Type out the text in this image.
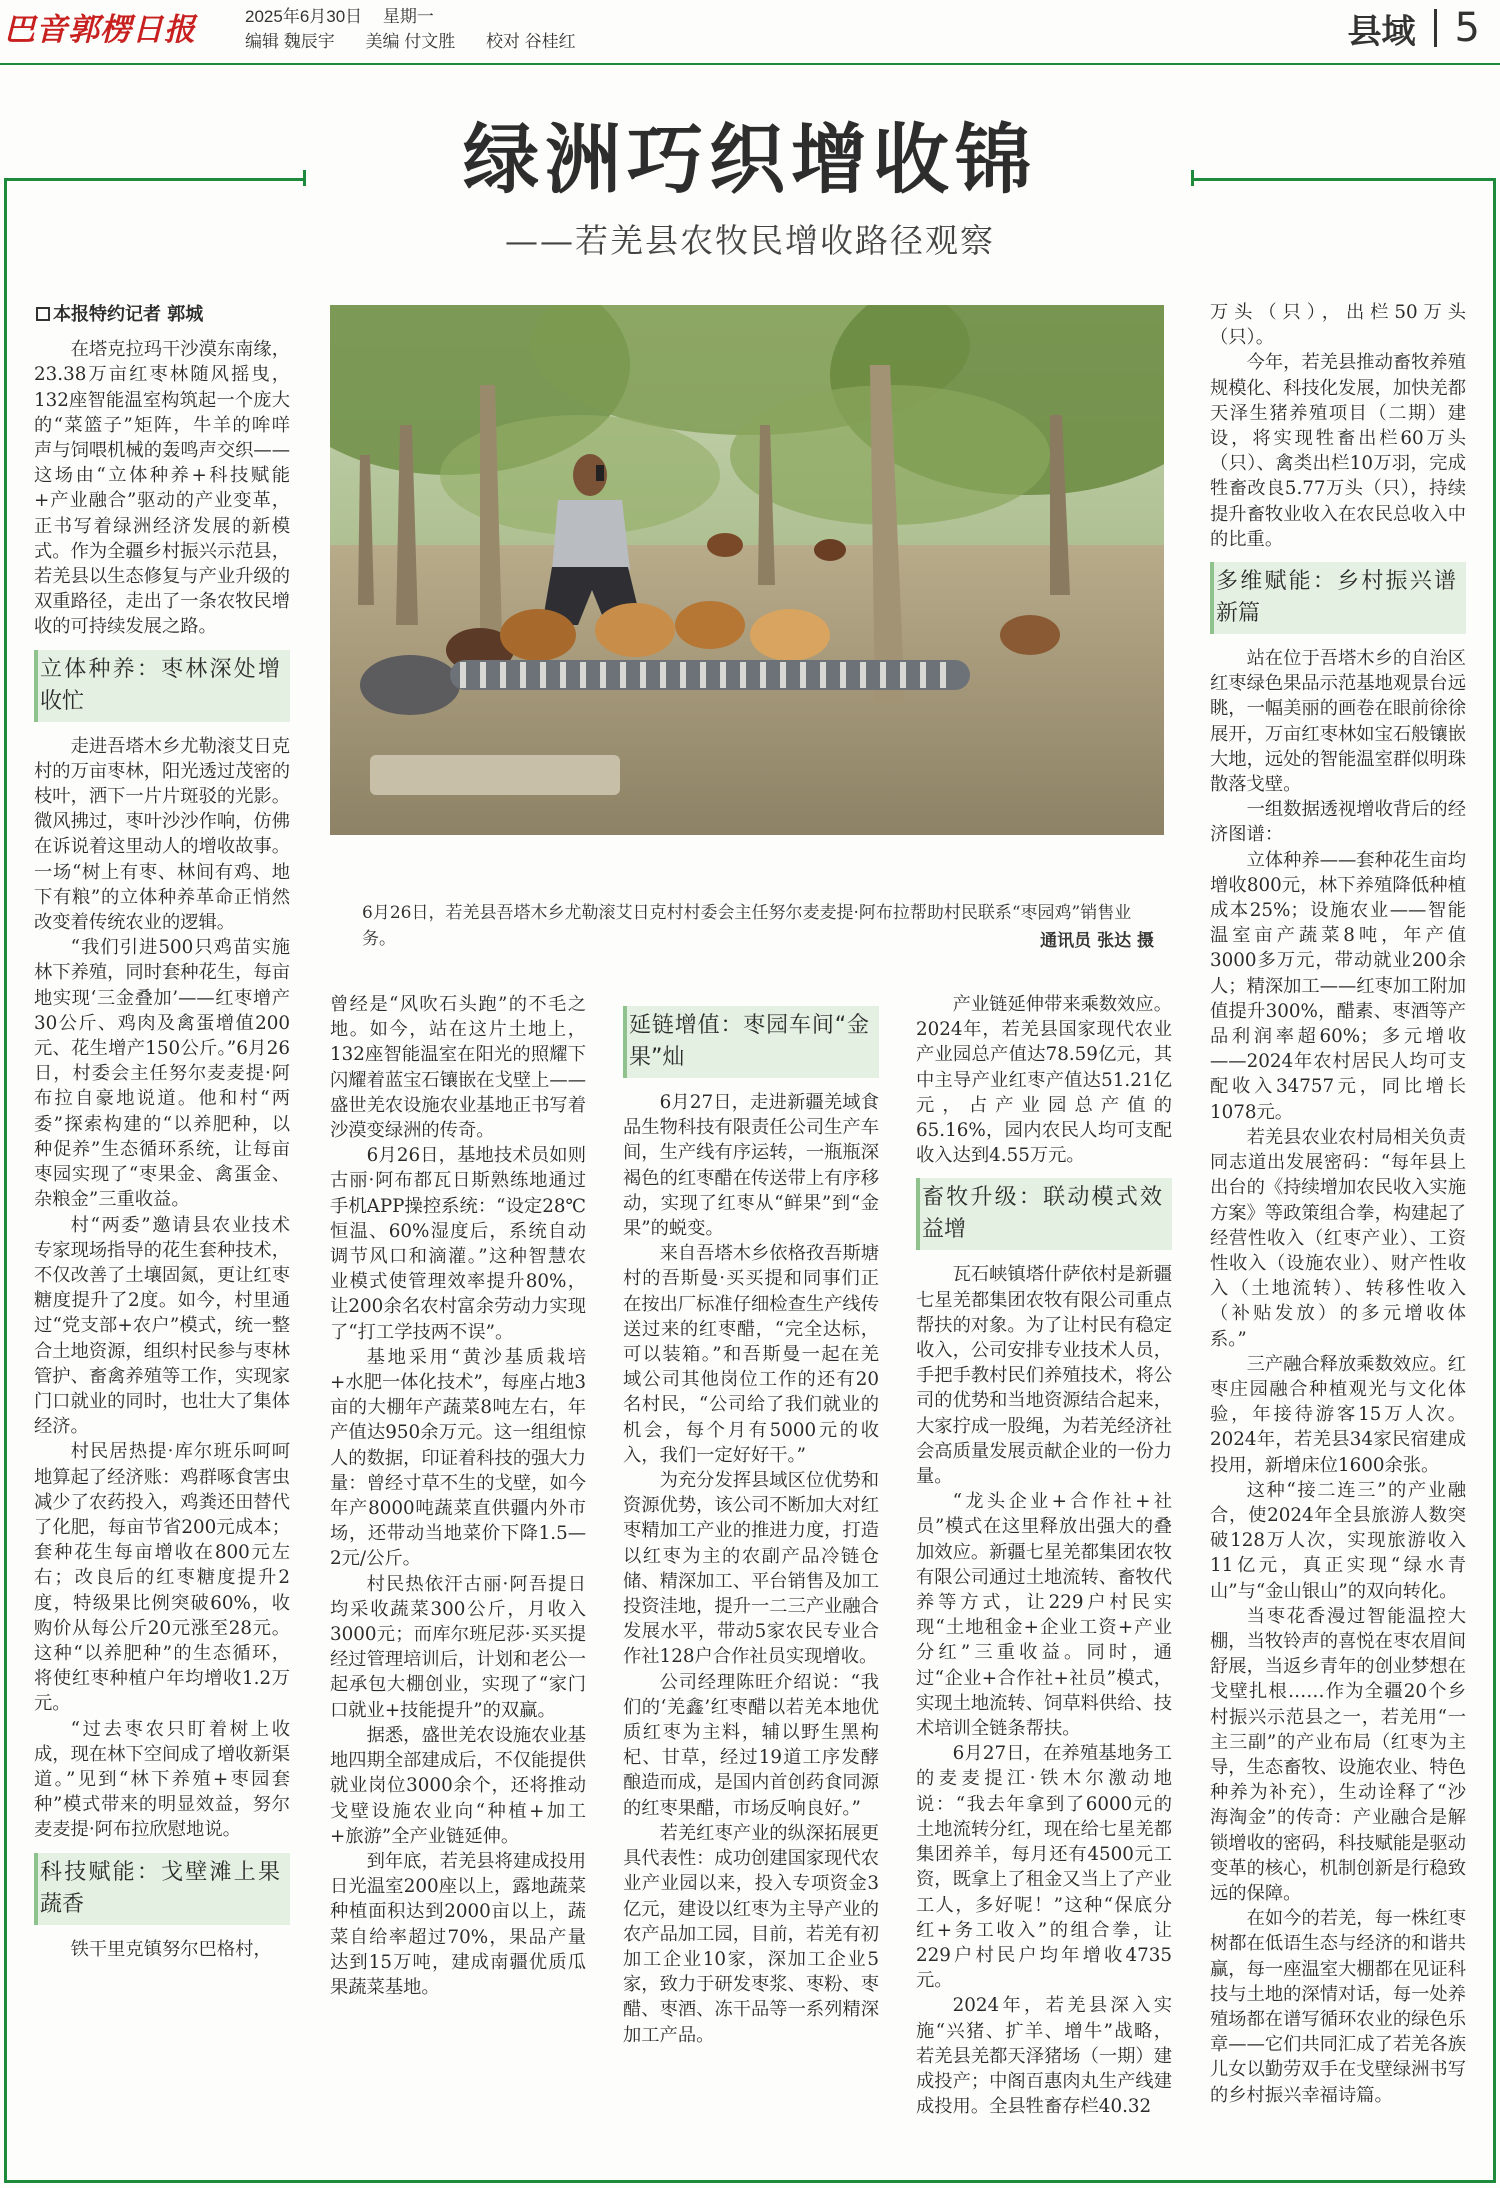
巴音郭楞日报	2025年6月30日 星期一
编辑 魏辰宇 美编 付文胜 校对 谷桂红	县域 5
绿洲巧织增收锦
——若羌县农牧民增收路径观察
本报特约记者 郭城

在塔克拉玛干沙漠东南缘，23.38万亩红枣林随风摇曳，132座智能温室构筑起一个庞大的“菜篮子”矩阵，牛羊的哞咩声与饲喂机械的轰鸣声交织——这场由“立体种养+科技赋能+产业融合”驱动的产业变革，正书写着绿洲经济发展的新模式。作为全疆乡村振兴示范县，若羌县以生态修复与产业升级的双重路径，走出了一条农牧民增收的可持续发展之路。

立体种养：枣林深处增收忙

走进吾塔木乡尤勒滚艾日克村的万亩枣林，阳光透过茂密的枝叶，洒下一片片斑驳的光影。微风拂过，枣叶沙沙作响，仿佛在诉说着这里动人的增收故事。一场“树上有枣、林间有鸡、地下有粮”的立体种养革命正悄然改变着传统农业的逻辑。

“我们引进500只鸡苗实施林下养殖，同时套种花生，每亩地实现‘三金叠加’——红枣增产30公斤、鸡肉及禽蛋增值200元、花生增产150公斤。”6月26日，村委会主任努尔麦麦提·阿布拉自豪地说道。他和村“两委”探索构建的“以养肥种，以种促养”生态循环系统，让每亩枣园实现了“枣果金、禽蛋金、杂粮金”三重收益。

村“两委”邀请县农业技术专家现场指导的花生套种技术，不仅改善了土壤固氮，更让红枣糖度提升了2度。如今，村里通过“党支部+农户”模式，统一整合土地资源，组织村民参与枣林管护、畜禽养殖等工作，实现家门口就业的同时，也壮大了集体经济。

村民居热提·库尔班乐呵呵地算起了经济账：鸡群啄食害虫减少了农药投入，鸡粪还田替代了化肥，每亩节省200元成本；套种花生每亩增收在800元左右；改良后的红枣糖度提升2度，特级果比例突破60%，收购价从每公斤20元涨至28元。这种“以养肥种”的生态循环，将使红枣种植户年均增收1.2万元。

“过去枣农只盯着树上收成，现在林下空间成了增收新渠道。”见到“林下养殖+枣园套种”模式带来的明显效益，努尔麦麦提·阿布拉欣慰地说。

科技赋能：戈壁滩上果蔬香

铁干里克镇努尔巴格村，

6月26日，若羌县吾塔木乡尤勒滚艾日克村村委会主任努尔麦麦提·阿布拉帮助村民联系“枣园鸡”销售业务。	通讯员 张达 摄

曾经是“风吹石头跑”的不毛之地。如今，站在这片土地上，132座智能温室在阳光的照耀下闪耀着蓝宝石镶嵌在戈壁上——盛世羌农设施农业基地正书写着沙漠变绿洲的传奇。

6月26日，基地技术员如则古丽·阿布都瓦日斯熟练地通过手机APP操控系统：“设定28℃恒温、60%湿度后，系统自动调节风口和滴灌。”这种智慧农业模式使管理效率提升80%，让200余名农村富余劳动力实现了“打工学技两不误”。

基地采用“黄沙基质栽培+水肥一体化技术”，每座占地3亩的大棚年产蔬菜8吨左右，年产值达950余万元。这一组组惊人的数据，印证着科技的强大力量：曾经寸草不生的戈壁，如今年产8000吨蔬菜直供疆内外市场，还带动当地菜价下降1.5—2元/公斤。

村民热依汗古丽·阿吾提日均采收蔬菜300公斤，月收入3000元；而库尔班尼莎·买买提经过管理培训后，计划和老公一起承包大棚创业，实现了“家门口就业+技能提升”的双赢。

据悉，盛世羌农设施农业基地四期全部建成后，不仅能提供就业岗位3000余个，还将推动戈壁设施农业向“种植+加工+旅游”全产业链延伸。

到年底，若羌县将建成投用日光温室200座以上，露地蔬菜种植面积达到2000亩以上，蔬菜自给率超过70%，果品产量达到15万吨，建成南疆优质瓜果蔬菜基地。

延链增值：枣园车间“金果”灿

6月27日，走进新疆羌域食品生物科技有限责任公司生产车间，生产线有序运转，一瓶瓶深褐色的红枣醋在传送带上有序移动，实现了红枣从“鲜果”到“金果”的蜕变。

来自吾塔木乡依格孜吾斯塘村的吾斯曼·买买提和同事们正在按出厂标准仔细检查生产线传送过来的红枣醋，“完全达标，可以装箱。”和吾斯曼一起在羌域公司其他岗位工作的还有20名村民，“公司给了我们就业的机会，每个月有5000元的收入，我们一定好好干。”

为充分发挥县域区位优势和资源优势，该公司不断加大对红枣精加工产业的推进力度，打造以红枣为主的农副产品冷链仓储、精深加工、平台销售及加工投资洼地，提升一二三产业融合发展水平，带动5家农民专业合作社128户合作社员实现增收。

公司经理陈旺介绍说：“我们的‘羌鑫’红枣醋以若羌本地优质红枣为主料，辅以野生黑枸杞、甘草，经过19道工序发酵酿造而成，是国内首创药食同源的红枣果醋，市场反响良好。”

若羌红枣产业的纵深拓展更具代表性：成功创建国家现代农业产业园以来，投入专项资金3亿元，建设以红枣为主导产业的农产品加工园，目前，若羌有初加工企业10家，深加工企业5家，致力于研发枣浆、枣粉、枣醋、枣酒、冻干品等一系列精深加工产品。

产业链延伸带来乘数效应。2024年，若羌县国家现代农业产业园总产值达78.59亿元，其中主导产业红枣产值达51.21亿元，占产业园总产值的65.16%，园内农民人均可支配收入达到4.55万元。

畜牧升级：联动模式效益增

瓦石峡镇塔什萨依村是新疆七星羌都集团农牧有限公司重点帮扶的对象。为了让村民有稳定收入，公司安排专业技术人员，手把手教村民们养殖技术，将公司的优势和当地资源结合起来，大家拧成一股绳，为若羌经济社会高质量发展贡献企业的一份力量。

“龙头企业+合作社+社员”模式在这里释放出强大的叠加效应。新疆七星羌都集团农牧有限公司通过土地流转、畜牧代养等方式，让229户村民实现“土地租金+企业工资+产业分红”三重收益。同时，通过“企业+合作社+社员”模式，实现土地流转、饲草料供给、技术培训全链条帮扶。

6月27日，在养殖基地务工的麦麦提江·铁木尔激动地说：“我去年拿到了6000元的土地流转分红，现在给七星羌都集团养羊，每月还有4500元工资，既拿上了租金又当上了产业工人，多好呢！”这种“保底分红+务工收入”的组合拳，让229户村民户均年增收4735元。

2024年，若羌县深入实施“兴猪、扩羊、增牛”战略，若羌县羌都天泽猪场（一期）建成投产；中阁百惠肉丸生产线建成投用。全县牲畜存栏40.32

万头（只），出栏50万头（只）。

今年，若羌县推动畜牧养殖规模化、科技化发展，加快羌都天泽生猪养殖项目（二期）建设，将实现牲畜出栏60万头（只）、禽类出栏10万羽，完成牲畜改良5.77万头（只），持续提升畜牧业收入在农民总收入中的比重。

多维赋能：乡村振兴谱新篇

站在位于吾塔木乡的自治区红枣绿色果品示范基地观景台远眺，一幅美丽的画卷在眼前徐徐展开，万亩红枣林如宝石般镶嵌大地，远处的智能温室群似明珠散落戈壁。

一组数据透视增收背后的经济图谱：

立体种养——套种花生亩均增收800元，林下养殖降低种植成本25%；设施农业——智能温室亩产蔬菜8吨，年产值3000多万元，带动就业200余人；精深加工——红枣加工附加值提升300%，醋素、枣酒等产品利润率超60%；多元增收——2024年农村居民人均可支配收入34757元，同比增长1078元。

若羌县农业农村局相关负责同志道出发展密码：“每年县上出台的《持续增加农民收入实施方案》等政策组合拳，构建起了经营性收入（红枣产业）、工资性收入（设施农业）、财产性收入（土地流转）、转移性收入（补贴发放）的多元增收体系。”

三产融合释放乘数效应。红枣庄园融合种植观光与文化体验，年接待游客15万人次。2024年，若羌县34家民宿建成投用，新增床位1600余张。

这种“接二连三”的产业融合，使2024年全县旅游人数突破128万人次，实现旅游收入11亿元，真正实现“绿水青山”与“金山银山”的双向转化。

当枣花香漫过智能温控大棚，当牧铃声的喜悦在枣农眉间舒展，当返乡青年的创业梦想在戈壁扎根……作为全疆20个乡村振兴示范县之一，若羌用“一主三副”的产业布局（红枣为主导，生态畜牧、设施农业、特色种养为补充），生动诠释了“沙海淘金”的传奇：产业融合是解锁增收的密码，科技赋能是驱动变革的核心，机制创新是行稳致远的保障。

在如今的若羌，每一株红枣树都在低语生态与经济的和谐共赢，每一座温室大棚都在见证科技与土地的深情对话，每一处养殖场都在谱写循环农业的绿色乐章——它们共同汇成了若羌各族儿女以勤劳双手在戈壁绿洲书写的乡村振兴幸福诗篇。
